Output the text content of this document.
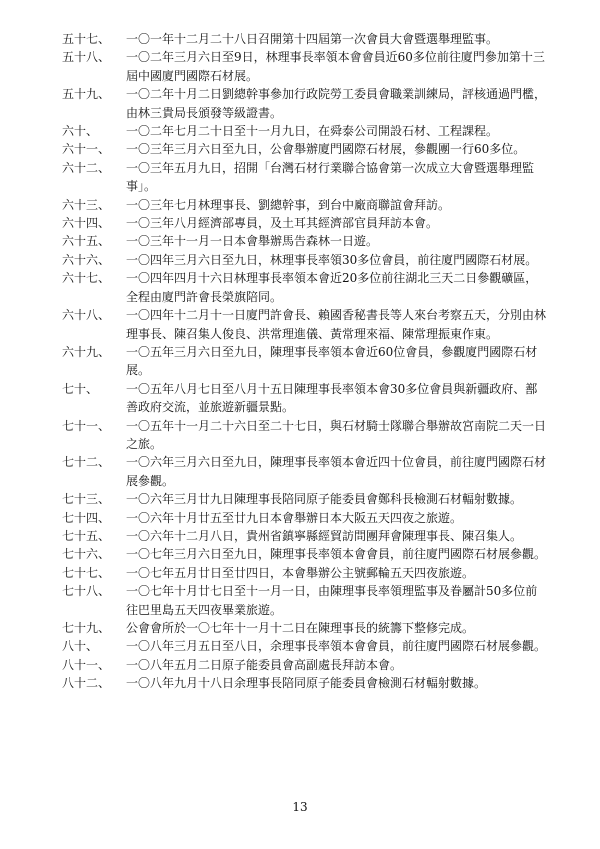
五十七、	一〇一年十二月二十八日召開第十四屆第一次會員大會暨選舉理監事。
五十八、	一〇二年三月六日至9日，林理事長率領本會會員近60多位前往廈門參加第十三屆中國廈門國際石材展。
五十九、	一〇二年十月二日劉總幹事參加行政院勞工委員會職業訓練局，評核通過門檻，由林三貴局長頒發等級證書。
六十、	一〇二年七月二十日至十一月九日，在舜泰公司開設石材、工程課程。
六十一、	一〇三年三月六日至九日，公會舉辦廈門國際石材展，參觀團一行60多位。
六十二、	一〇三年五月九日，招開「台灣石材行業聯合協會第一次成立大會暨選舉理監事」。
六十三、	一〇三年七月林理事長、劉總幹事，到台中廠商聯誼會拜訪。
六十四、	一〇三年八月經濟部專員，及土耳其經濟部官員拜訪本會。
六十五、	一〇三年十一月一日本會舉辦馬告森林一日遊。
六十六、	一〇四年三月六日至九日，林理事長率領30多位會員，前往廈門國際石材展。
六十七、	一〇四年四月十六日林理事長率領本會近20多位前往湖北三天二日參觀礦區，全程由廈門許會長榮旗陪同。
六十八、	一〇四年十二月十一日廈門許會長、賴國香秘書長等人來台考察五天，分別由林理事長、陳召集人俊良、洪常理進儀、黃常理來福、陳常理振東作東。
六十九、	一〇五年三月六日至九日，陳理事長率領本會近60位會員，參觀廈門國際石材展。
七十、	一〇五年八月七日至八月十五日陳理事長率領本會30多位會員與新疆政府、鄯善政府交流，並旅遊新疆景點。
七十一、	一〇五年十一月二十六日至二十七日，與石材騎士隊聯合舉辦故宮南院二天一日之旅。
七十二、	一〇六年三月六日至九日，陳理事長率領本會近四十位會員，前往廈門國際石材展參觀。
七十三、	一〇六年三月廿九日陳理事長陪同原子能委員會鄭科長檢測石材輻射數據。
七十四、	一〇六年十月廿五至廿九日本會舉辦日本大阪五天四夜之旅遊。
七十五、	一〇六年十二月八日，貴州省鎮寧縣經貿訪問團拜會陳理事長、陳召集人。
七十六、	一〇七年三月六日至九日，陳理事長率領本會會員，前往廈門國際石材展參觀。
七十七、	一〇七年五月廿日至廿四日，本會舉辦公主號郵輪五天四夜旅遊。
七十八、	一〇七年十月廿七日至十一月一日，由陳理事長率領理監事及眷屬計50多位前往巴里島五天四夜畢業旅遊。
七十九、	公會會所於一〇七年十一月十二日在陳理事長的統籌下整修完成。
八十、	一〇八年三月五日至八日，余理事長率領本會會員，前往廈門國際石材展參觀。
八十一、	一〇八年五月二日原子能委員會高副處長拜訪本會。
八十二、	一〇八年九月十八日余理事長陪同原子能委員會檢測石材輻射數據。
13
